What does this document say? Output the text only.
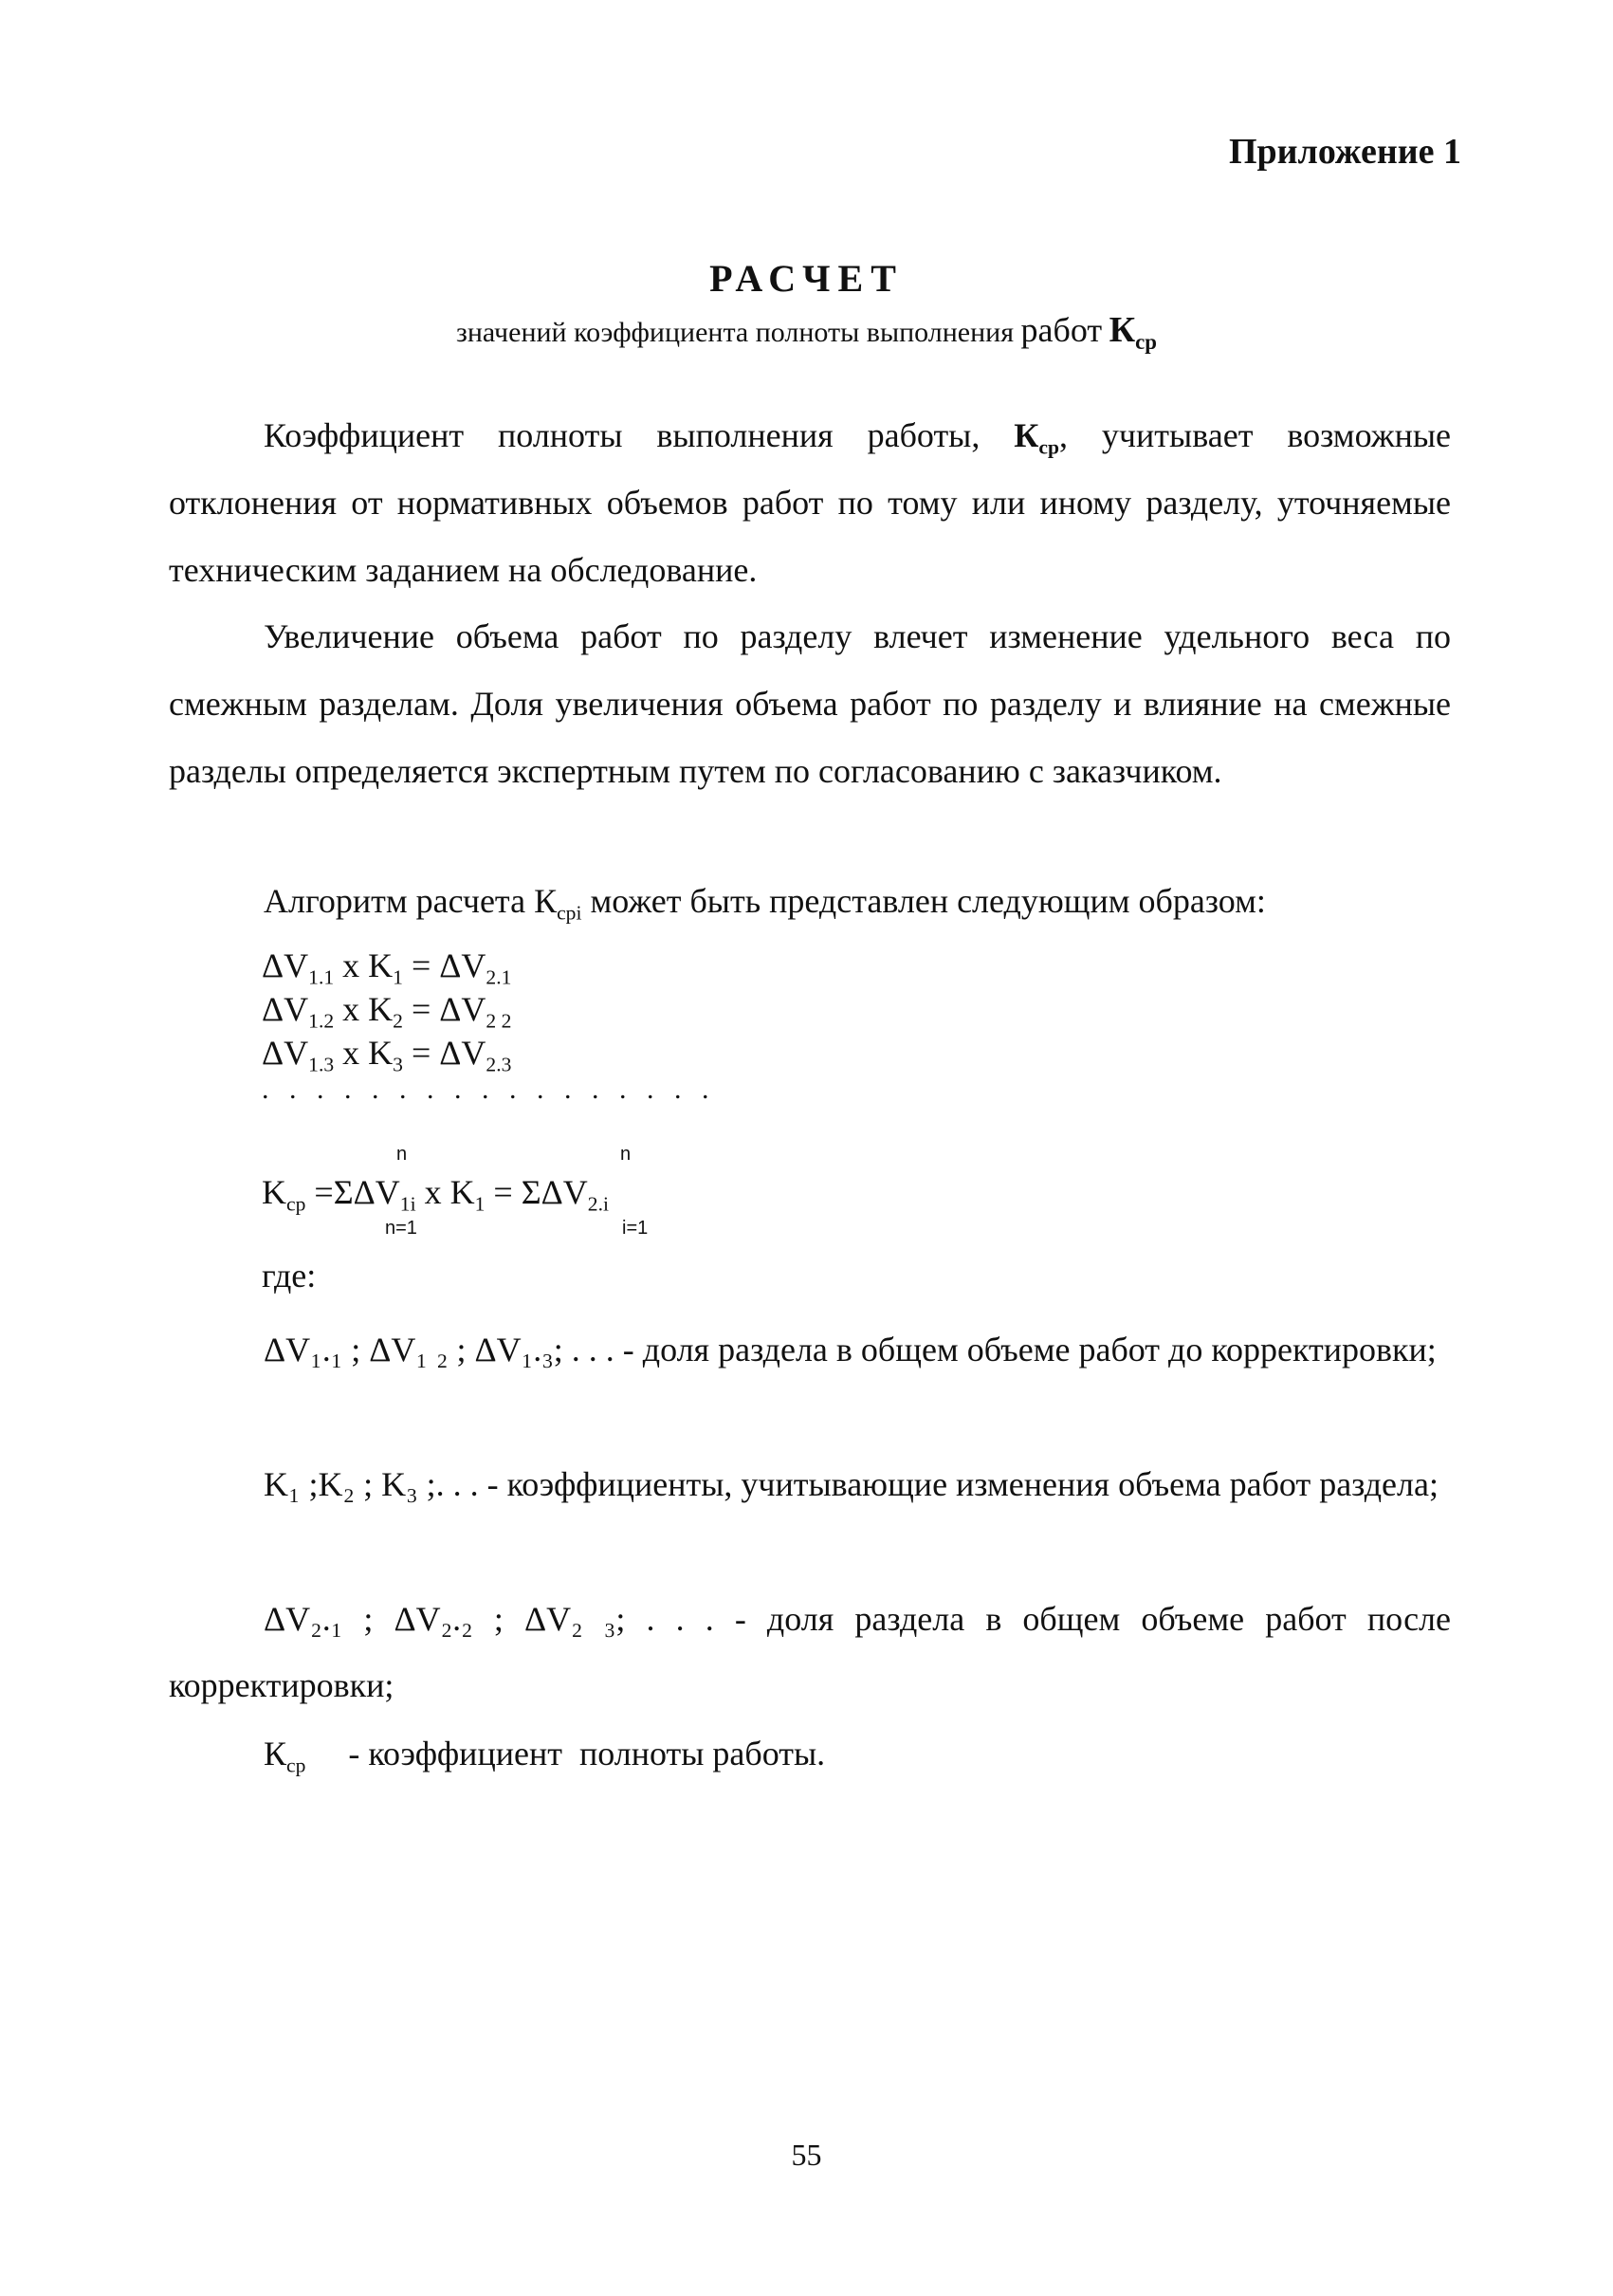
Приложение 1
РАСЧЕТ
значений коэффициента полноты выполнения работ $К_{ср}$
Коэффициент полноты выполнения работы, $К_{ср}$, учитывает возможные отклонения от нормативных объемов работ по тому или иному разделу, уточняемые техническим заданием на обследование.
Увеличение объема работ по разделу влечет изменение удельного веса по смежным разделам. Доля увеличения объема работ по разделу и влияние на смежные разделы определяется экспертным путем по согласованию с заказчиком.
Алгоритм расчета $К_{срi}$ может быть представлен следующим образом:
$\Delta V_{1.1}$ x $K_1 = \Delta V_{2.1}$
$\Delta V_{1.2}$ x $K_2 = \Delta V_{2 2}$
$\Delta V_{1.3}$ x $K_3 = \Delta V_{2.3}$
. . . . . . . . . . . . . . . . .
n	n
$K_{ср} =\Sigma\Delta V_{1i}$ x $K_1 = \Sigma\Delta V_{2.i}$
n=1	i=1
где:
ΔV₁.₁ ; ΔV₁ ₂ ; ΔV₁.₃; . . . - доля раздела в общем объеме работ до корректировки;
K₁ ;K₂ ; K₃ ;. . . - коэффициенты, учитывающие изменения объема работ раздела;
ΔV₂.₁ ; ΔV₂.₂ ; ΔV₂ ₃; . . . - доля раздела в общем объеме работ после корректировки;
$К_{ср}$     - коэффициент  полноты работы.
55
